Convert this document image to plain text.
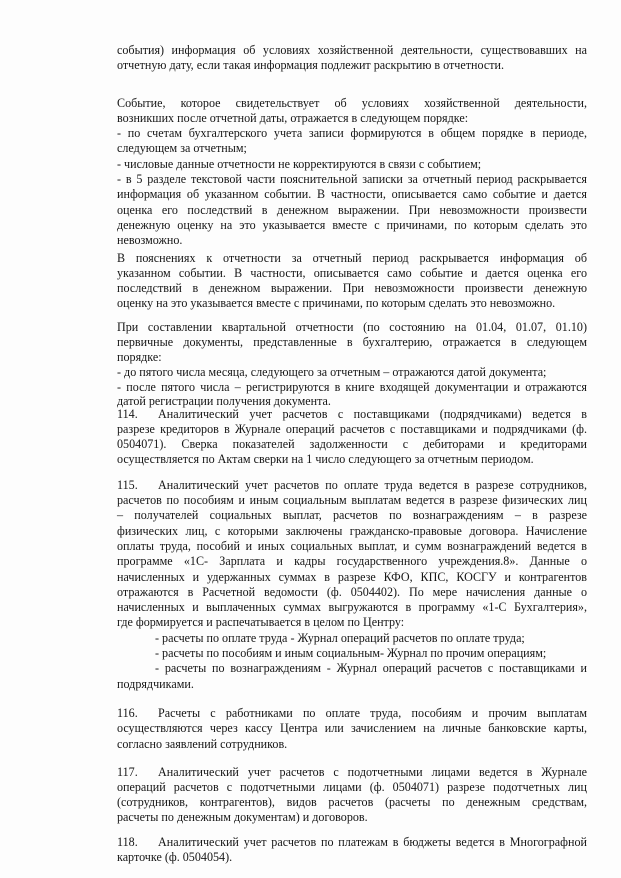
события) информация об условиях хозяйственной деятельности, существовавших на
отчетную дату, если такая информация подлежит раскрытию в отчетности.
Событие, которое свидетельствует об условиях хозяйственной деятельности,
возникших после отчетной даты, отражается в следующем порядке:
- по счетам бухгалтерского учета записи формируются в общем порядке в периоде,
следующем за отчетным;
- числовые данные отчетности не корректируются в связи с событием;
- в 5 разделе текстовой части пояснительной записки за отчетный период раскрывается
информация об указанном событии. В частности, описывается само событие и дается
оценка его последствий в денежном выражении. При невозможности произвести
денежную оценку на это указывается вместе с причинами, по которым сделать это
невозможно.
В пояснениях к отчетности за отчетный период раскрывается информация об
указанном событии. В частности, описывается само событие и дается оценка его
последствий в денежном выражении. При невозможности произвести денежную
оценку на это указывается вместе с причинами, по которым сделать это невозможно.
При составлении квартальной отчетности (по состоянию на 01.04, 01.07, 01.10)
первичные документы, представленные в бухгалтерию, отражается в следующем
порядке:
- до пятого числа месяца, следующего за отчетным – отражаются датой документа;
- после пятого числа – регистрируются в книге входящей документации и отражаются
датой регистрации получения документа.
114. Аналитический учет расчетов с поставщиками (подрядчиками) ведется в
разрезе кредиторов в Журнале операций расчетов с поставщиками и подрядчиками (ф.
0504071). Сверка показателей задолженности с дебиторами и кредиторами
осуществляется по Актам сверки на 1 число следующего за отчетным периодом.
115. Аналитический учет расчетов по оплате труда ведется в разрезе сотрудников,
расчетов по пособиям и иным социальным выплатам ведется в разрезе физических лиц
– получателей социальных выплат, расчетов по вознаграждениям – в разрезе
физических лиц, с которыми заключены гражданско-правовые договора. Начисление
оплаты труда, пособий и иных социальных выплат, и сумм вознаграждений ведется в
программе «1С- Зарплата и кадры государственного учреждения.8». Данные о
начисленных и удержанных суммах в разрезе КФО, КПС, КОСГУ и контрагентов
отражаются в Расчетной ведомости (ф. 0504402). По мере начисления данные о
начисленных и выплаченных суммах выгружаются в программу «1-С Бухгалтерия»,
где формируется и распечатывается в целом по Центру:
- расчеты по оплате труда - Журнал операций расчетов по оплате труда;
- расчеты по пособиям и иным социальным- Журнал по прочим операциям;
- расчеты по вознаграждениям - Журнал операций расчетов с поставщиками и
подрядчиками.
116. Расчеты с работниками по оплате труда, пособиям и прочим выплатам
осуществляются через кассу Центра или зачислением на личные банковские карты,
согласно заявлений сотрудников.
117. Аналитический учет расчетов с подотчетными лицами ведется в Журнале
операций расчетов с подотчетными лицами (ф. 0504071) разрезе подотчетных лиц
(сотрудников, контрагентов), видов расчетов (расчеты по денежным средствам,
расчеты по денежным документам) и договоров.
118. Аналитический учет расчетов по платежам в бюджеты ведется в Многографной
карточке (ф. 0504054).
